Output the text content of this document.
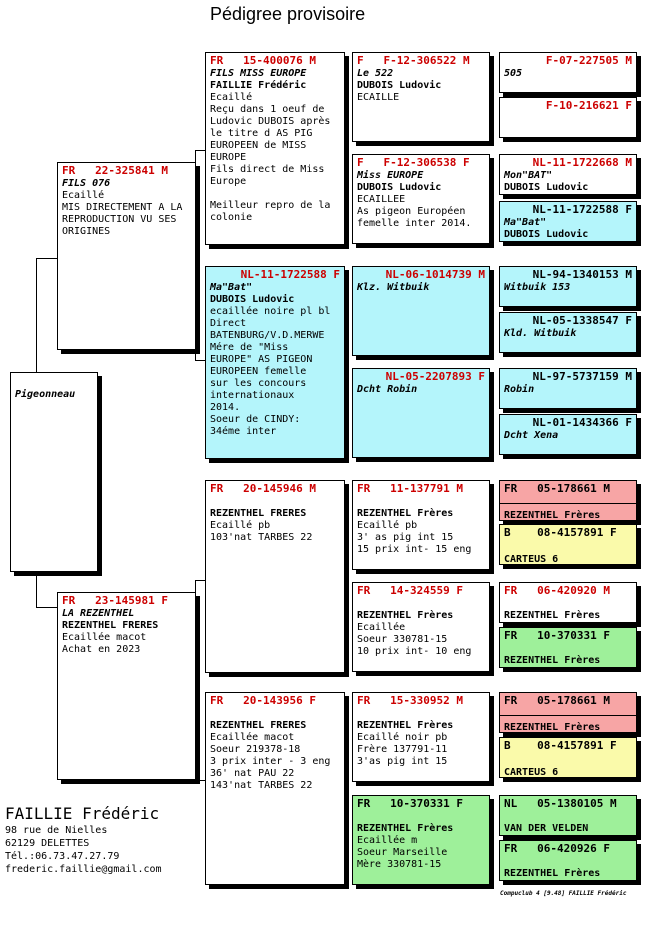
Pédigree provisoire
Pigeonneau
FR   22-325841 M
FILS 076
Ecaillé
MIS DIRECTEMENT A LA
REPRODUCTION VU SES
ORIGINES
FR   23-145981 F
LA REZENTHEL
REZENTHEL FRERES
Ecaillée macot
Achat en 2023
FR   15-400076 M
FILS MISS EUROPE
FAILLIE Frédéric
Ecaillé
Reçu dans 1 oeuf de
Ludovic DUBOIS après
le titre d AS PIG
EUROPEEN de MISS
EUROPE
Fils direct de Miss
Europe

Meilleur repro de la
colonie
NL-11-1722588 F
Ma"Bat"
DUBOIS Ludovic
ecaillée noire pl bl
Direct
BATENBURG/V.D.MERWE
Mére de "Miss
EUROPE" AS PIGEON
EUROPEEN femelle
sur les concours
internationaux
2014.
Soeur de CINDY:
34éme inter
FR   20-145946 M
REZENTHEL FRERES
Ecaillé pb
103'nat TARBES 22
FR   20-143956 F
REZENTHEL FRERES
Ecaillée macot
Soeur 219378-18
3 prix inter - 3 eng
36' nat PAU 22
143'nat TARBES 22
F   F-12-306522 M
Le 522
DUBOIS Ludovic
ECAILLE
F   F-12-306538 F
Miss EUROPE
DUBOIS Ludovic
ECAILLEE
As pigeon Européen
femelle inter 2014.
NL-06-1014739 M
Klz. Witbuik
NL-05-2207893 F
Dcht Robin
FR   11-137791 M
REZENTHEL Frères
Ecaillé pb
3' as pig int 15
15 prix int- 15 eng
FR   14-324559 F
REZENTHEL Frères
Ecaillée
Soeur 330781-15
10 prix int- 10 eng
FR   15-330952 M
REZENTHEL Frères
Ecaillé noir pb
Frère 137791-11
3'as pig int 15
FR   10-370331 F
REZENTHEL Frères
Ecaillée m
Soeur Marseille
Mère 330781-15
F-07-227505 M
505
F-10-216621 F
NL-11-1722668 M
Mon"BAT"
DUBOIS Ludovic
NL-11-1722588 F
Ma"Bat"
DUBOIS Ludovic
NL-94-1340153 M
Witbuik 153
NL-05-1338547 F
Kld. Witbuik
NL-97-5737159 M
Robin
NL-01-1434366 F
Dcht Xena
FR   05-178661 M
REZENTHEL Frères
B    08-4157891 F
CARTEUS 6
FR   06-420920 M
REZENTHEL Frères
FR   10-370331 F
REZENTHEL Frères
FR   05-178661 M
REZENTHEL Frères
B    08-4157891 F
CARTEUS 6
NL   05-1380105 M
VAN DER VELDEN
FR   06-420926 F
REZENTHEL Frères
FAILLIE Frédéric
98 rue de Nielles
62129 DELETTES
Tél.:06.73.47.27.79
frederic.faillie@gmail.com
Compuclub 4 [9.48] FAILLIE Frédéric
